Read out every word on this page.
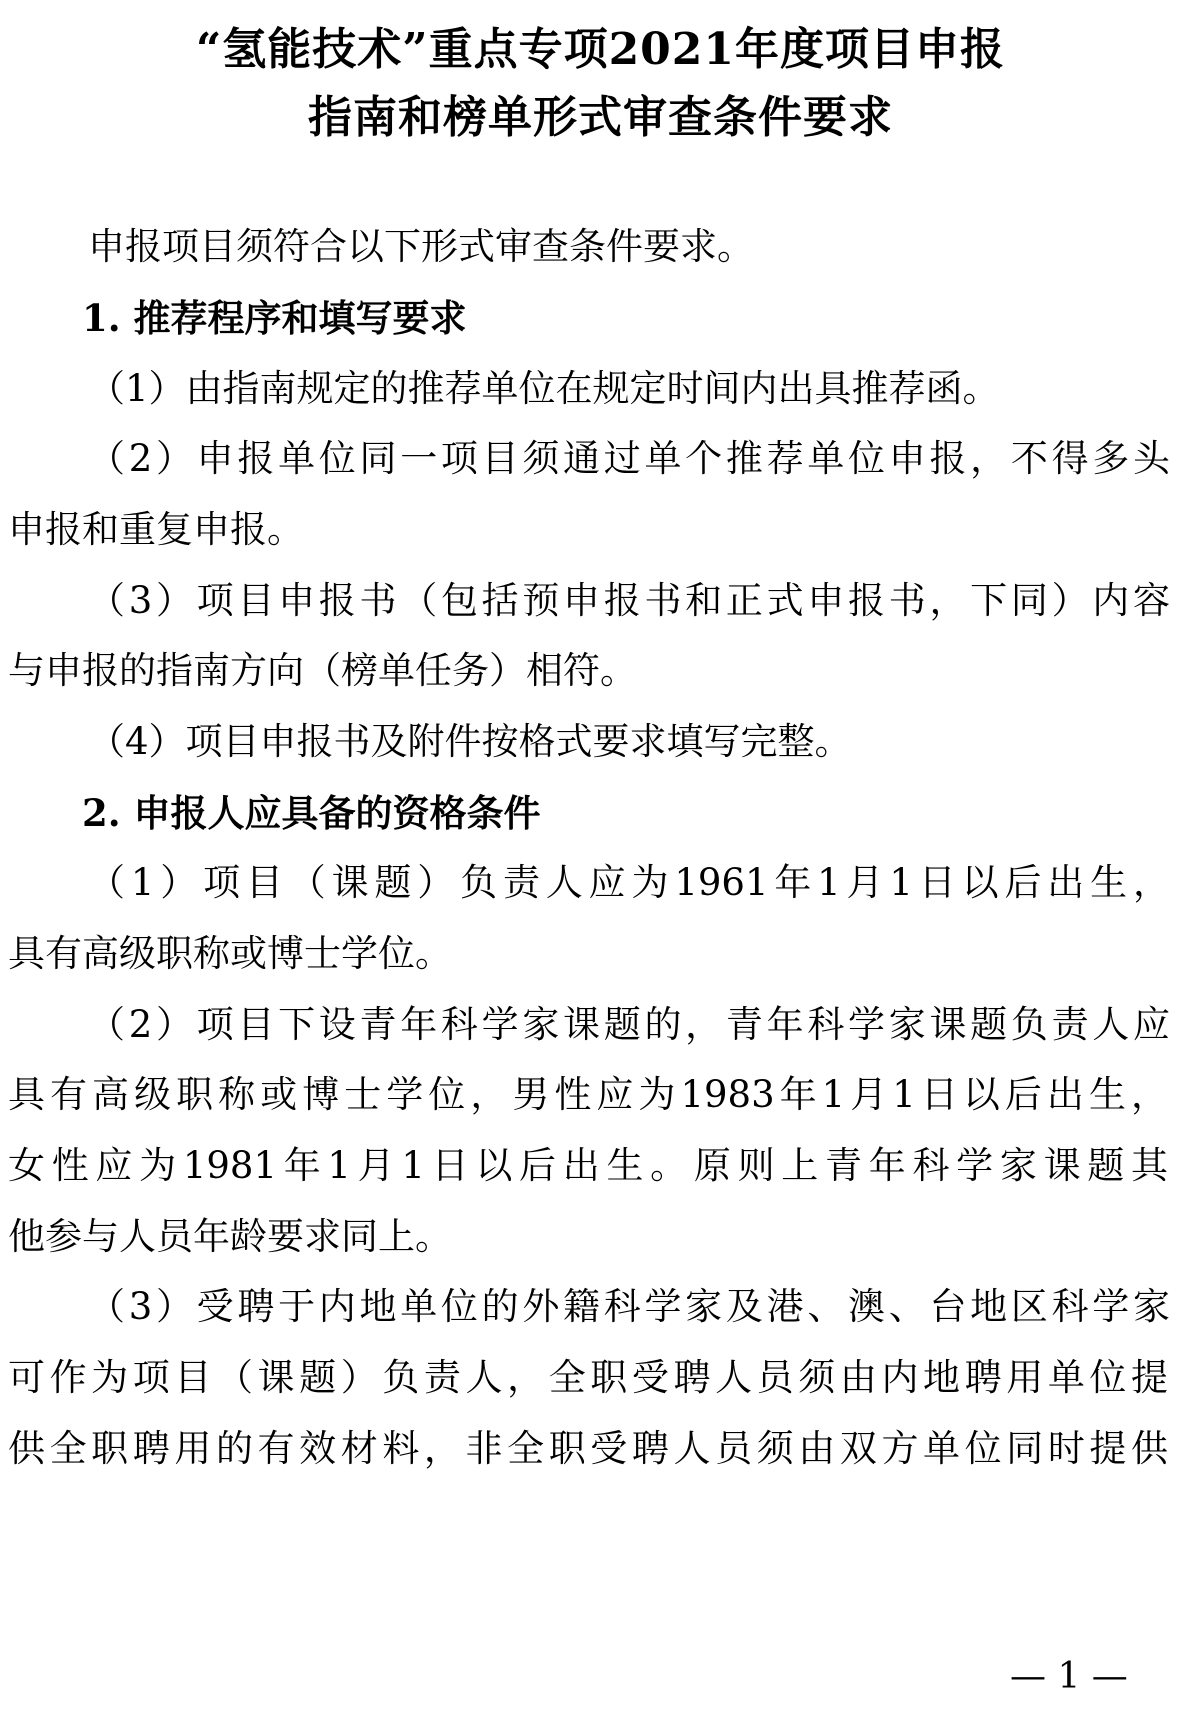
“氢能技术”重点专项2021年度项目申报
指南和榜单形式审查条件要求
申报项目须符合以下形式审查条件要求。
1. 推荐程序和填写要求
（1）由指南规定的推荐单位在规定时间内出具推荐函。
（2）申报单位同一项目须通过单个推荐单位申报，不得多头
申报和重复申报。
（3）项目申报书（包括预申报书和正式申报书，下同）内容
与申报的指南方向（榜单任务）相符。
（4）项目申报书及附件按格式要求填写完整。
2. 申报人应具备的资格条件
（1）项目（课题）负责人应为1961年1月1日以后出生，
具有高级职称或博士学位。
（2）项目下设青年科学家课题的，青年科学家课题负责人应
具有高级职称或博士学位，男性应为1983年1月1日以后出生，
女性应为1981年1月1日以后出生。原则上青年科学家课题其
他参与人员年龄要求同上。
（3）受聘于内地单位的外籍科学家及港、澳、台地区科学家
可作为项目（课题）负责人，全职受聘人员须由内地聘用单位提
供全职聘用的有效材料，非全职受聘人员须由双方单位同时提供
— 1 —
